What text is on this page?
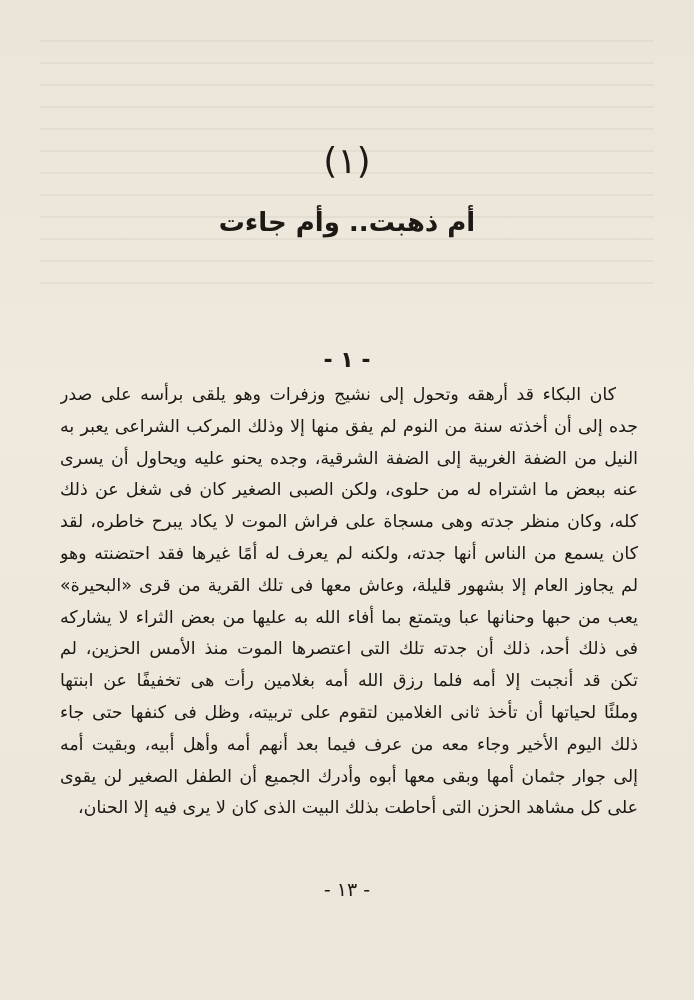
(١)
أم ذهبت.. وأم جاءت
- ١ -
كان البكاء قد أرهقه وتحول إلى نشيج وزفرات وهو يلقى برأسه على صدر
جده إلى أن أخذته سنة من النوم لم يفق منها إلا وذلك المركب الشراعى يعبر به
النيل من الضفة الغربية إلى الضفة الشرقية، وجده يحنو عليه ويحاول أن يسرى
عنه ببعض ما اشتراه له من حلوى، ولكن الصبى الصغير كان فى شغل عن ذلك
كله، وكان منظر جدته وهى مسجاة على فراش الموت لا يكاد يبرح خاطره، لقد
كان يسمع من الناس أنها جدته، ولكنه لم يعرف له أمًا غيرها فقد احتضنته وهو
لم يجاوز العام إلا بشهور قليلة، وعاش معها فى تلك القرية من قرى «البحيرة»
يعب من حبها وحنانها عبا ويتمتع بما أفاء الله به عليها من بعض الثراء لا يشاركه
فى ذلك أحد، ذلك أن جدته تلك التى اعتصرها الموت منذ الأمس الحزين، لم
تكن قد أنجبت إلا أمه فلما رزق الله أمه بغلامين رأت هى تخفيفًا عن ابنتها
وملئًا لحياتها أن تأخذ ثانى الغلامين لتقوم على تربيته، وظل فى كنفها حتى جاء
ذلك اليوم الأخير وجاء معه من عرف فيما بعد أنهم أمه وأهل أبيه، وبقيت أمه
إلى جوار جثمان أمها وبقى معها أبوه وأدرك الجميع أن الطفل الصغير لن يقوى
على كل مشاهد الحزن التى أحاطت بذلك البيت الذى كان لا يرى فيه إلا الحنان،
- ١٣ -
